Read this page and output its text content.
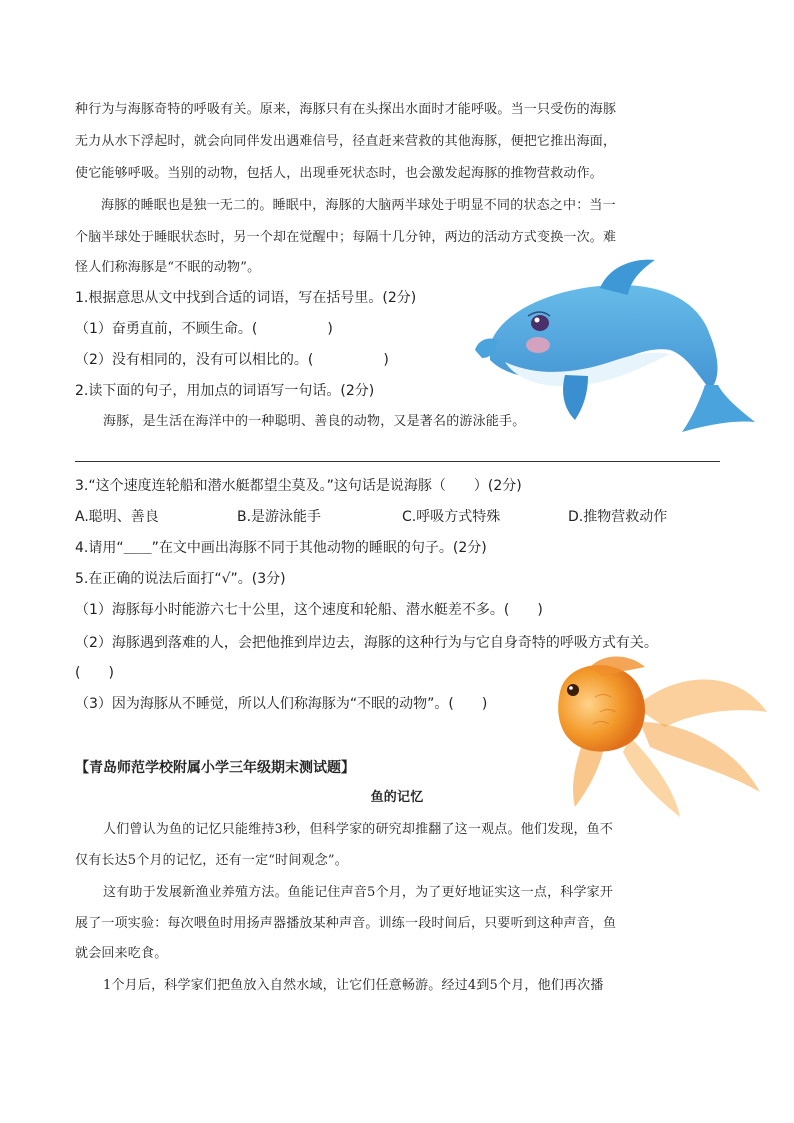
种行为与海豚奇特的呼吸有关。原来，海豚只有在头探出水面时才能呼吸。当一只受伤的海豚
无力从水下浮起时，就会向同伴发出遇难信号，径直赶来营救的其他海豚，便把它推出海面，
使它能够呼吸。当别的动物，包括人，出现垂死状态时，也会激发起海豚的推物营救动作。
海豚的睡眠也是独一无二的。睡眠中，海豚的大脑两半球处于明显不同的状态之中：当一
个脑半球处于睡眠状态时，另一个却在觉醒中；每隔十几分钟，两边的活动方式变换一次。难
怪人们称海豚是“不眠的动物”。
1.根据意思从文中找到合适的词语，写在括号里。(2分)
（1）奋勇直前，不顾生命。(　　　　　)
（2）没有相同的，没有可以相比的。(　　　　　)
2.读下面的句子，用加点的词语写一句话。(2分)
海豚，是生活在海洋中的一种聪明、善良的动物，又是著名的游泳能手。
3.“这个速度连轮船和潜水艇都望尘莫及。”这句话是说海豚（　　）(2分)
A.聪明、善良	B.是游泳能手	C.呼吸方式特殊	D.推物营救动作
4.请用“＿＿”在文中画出海豚不同于其他动物的睡眠的句子。(2分)
5.在正确的说法后面打“√”。(3分)
（1）海豚每小时能游六七十公里，这个速度和轮船、潜水艇差不多。(　　)
（2）海豚遇到落难的人，会把他推到岸边去，海豚的这种行为与它自身奇特的呼吸方式有关。
(　　)
（3）因为海豚从不睡觉，所以人们称海豚为“不眠的动物”。(　　)
【青岛师范学校附属小学三年级期末测试题】
鱼的记忆
人们曾认为鱼的记忆只能维持3秒，但科学家的研究却推翻了这一观点。他们发现，鱼不
仅有长达5个月的记忆，还有一定“时间观念”。
这有助于发展新渔业养殖方法。鱼能记住声音5个月，为了更好地证实这一点，科学家开
展了一项实验：每次喂鱼时用扬声器播放某种声音。训练一段时间后，只要听到这种声音，鱼
就会回来吃食。
1个月后，科学家们把鱼放入自然水域，让它们任意畅游。经过4到5个月，他们再次播
